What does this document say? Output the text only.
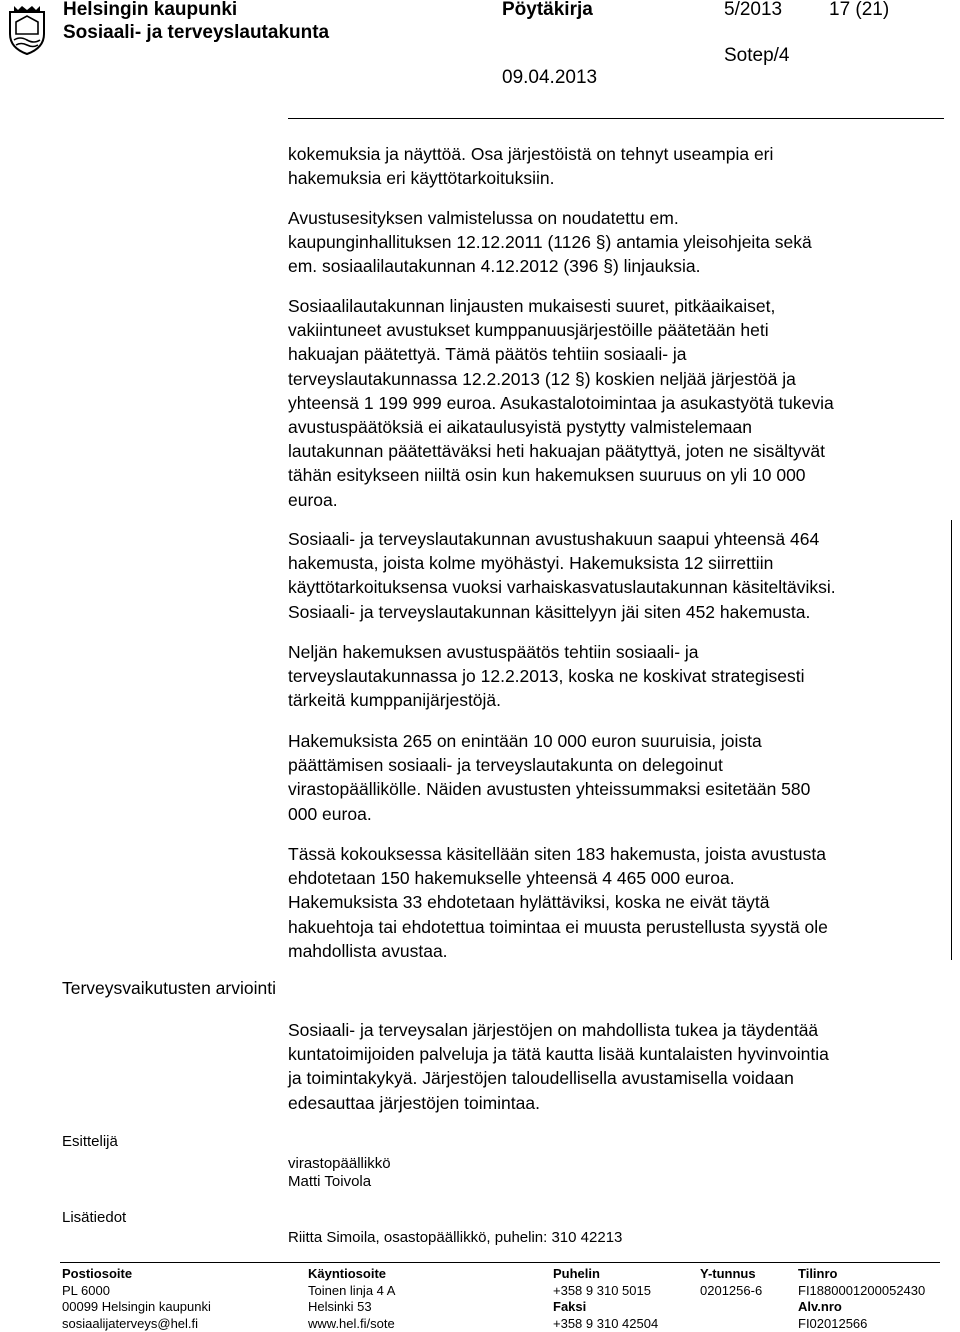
Helsingin kaupunki
Sosiaali- ja terveyslautakunta
Pöytäkirja	5/2013 17 (21)
Sotep/4
09.04.2013

kokemuksia ja näyttöä. Osa järjestöistä on tehnyt useampia eri

hakemuksia eri käyttötarkoituksiin.

Avustusesityksen valmistelussa on noudatettu em.

kaupunginhallituksen 12.12.2011 (1126 §) antamia yleisohjeita sekä

em. sosiaalilautakunnan 4.12.2012 (396 §) linjauksia.

Sosiaalilautakunnan linjausten mukaisesti suuret, pitkäaikaiset,

vakiintuneet avustukset kumppanuusjärjestöille päätetään heti

hakuajan päätettyä. Tämä päätös tehtiin sosiaali- ja

terveyslautakunnassa 12.2.2013 (12 §) koskien neljää järjestöä ja

yhteensä 1 199 999 euroa. Asukastalotoimintaa ja asukastyötä tukevia

avustuspäätöksiä ei aikataulusyistä pystytty valmistelemaan

lautakunnan päätettäväksi heti hakuajan päätyttyä, joten ne sisältyvät

tähän esitykseen niiltä osin kun hakemuksen suuruus on yli 10 000

euroa.

Sosiaali- ja terveyslautakunnan avustushakuun saapui yhteensä 464

hakemusta, joista kolme myöhästyi. Hakemuksista 12 siirrettiin

käyttötarkoituksensa vuoksi varhaiskasvatuslautakunnan käsiteltäviksi.

Sosiaali- ja terveyslautakunnan käsittelyyn jäi siten 452 hakemusta.

Neljän hakemuksen avustuspäätös tehtiin sosiaali- ja

terveyslautakunnassa jo 12.2.2013, koska ne koskivat strategisesti

tärkeitä kumppanijärjestöjä.

Hakemuksista 265 on enintään 10 000 euron suuruisia, joista

päättämisen sosiaali- ja terveyslautakunta on delegoinut

virastopäällikölle. Näiden avustusten yhteissummaksi esitetään 580

000 euroa.

Tässä kokouksessa käsitellään siten 183 hakemusta, joista avustusta

ehdotetaan 150 hakemukselle yhteensä 4 465 000 euroa.

Hakemuksista 33 ehdotetaan hylättäviksi, koska ne eivät täytä

hakuehtoja tai ehdotettua toimintaa ei muusta perustellusta syystä ole

mahdollista avustaa.

Terveysvaikutusten arviointi

Sosiaali- ja terveysalan järjestöjen on mahdollista tukea ja täydentää

kuntatoimijoiden palveluja ja tätä kautta lisää kuntalaisten hyvinvointia

ja toimintakykyä. Järjestöjen taloudellisella avustamisella voidaan

edesauttaa järjestöjen toimintaa.

Esittelijä
virastopäällikkö
Matti Toivola
Lisätiedot
Riitta Simoila, osastopäällikkö, puhelin: 310 42213
Postiosoite
PL 6000
00099 Helsingin kaupunki
sosiaalijaterveys@hel.fi
Käyntiosoite
Toinen linja 4 A
Helsinki 53
www.hel.fi/sote
Puhelin
+358 9 310 5015
Faksi
+358 9 310 42504
Y-tunnus
0201256-6
Tilinro
FI1880001200052430
Alv.nro
FI02012566
